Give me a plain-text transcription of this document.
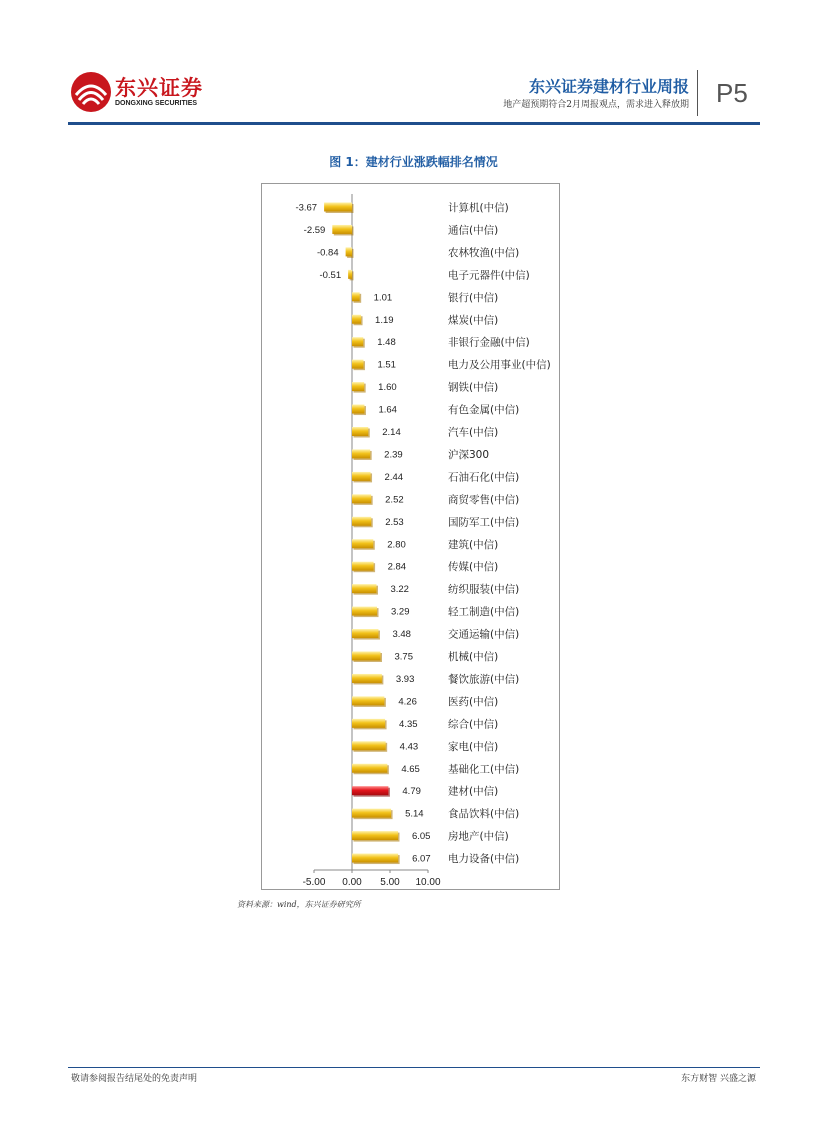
东兴证券
DONGXING SECURITIES
东兴证券建材行业周报
地产超预期符合2月周报观点，需求进入释放期 P5
图 1：建材行业涨跌幅排名情况
-3.67	计算机(中信)
-2.59	通信(中信)
-0.84	农林牧渔(中信)
-0.51	电子元器件(中信)
1.01	银行(中信)
1.19	煤炭(中信)
1.48	非银行金融(中信)
1.51	电力及公用事业(中信)
1.60	钢铁(中信)
1.64	有色金属(中信)
2.14	汽车(中信)
2.39	沪深300
2.44	石油石化(中信)
2.52	商贸零售(中信)
2.53	国防军工(中信)
2.80	建筑(中信)
2.84	传媒(中信)
3.22	纺织服装(中信)
3.29	轻工制造(中信)
3.48	交通运输(中信)
3.75	机械(中信)
3.93	餐饮旅游(中信)
4.26	医药(中信)
4.35	综合(中信)
4.43	家电(中信)
4.65	基础化工(中信)
4.79	建材(中信)
5.14 食品饮料(中信)
6.05 房地产(中信)
6.07 电力设备(中信)
-5.00 0.00 5.00 10.00
资料来源：wind，东兴证券研究所
敬请参阅报告结尾处的免责声明	东方财智 兴盛之源
